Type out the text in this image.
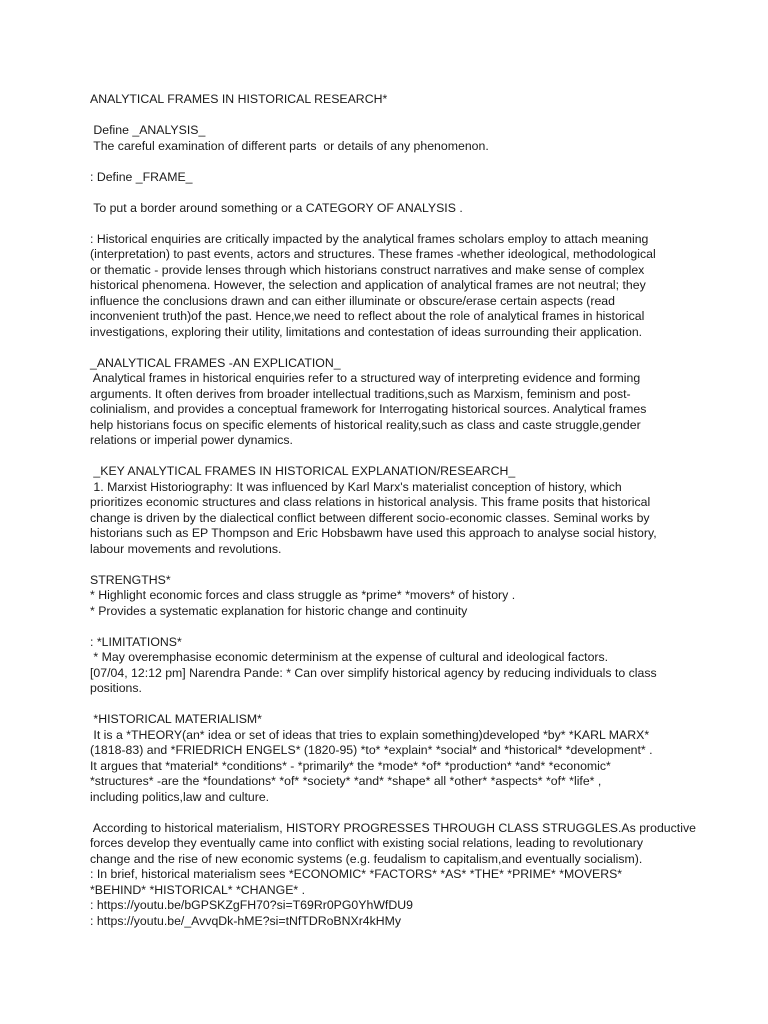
ANALYTICAL FRAMES IN HISTORICAL RESEARCH*
Define _ANALYSIS_
The careful examination of different parts  or details of any phenomenon.
: Define _FRAME_
To put a border around something or a CATEGORY OF ANALYSIS .
: Historical enquiries are critically impacted by the analytical frames scholars employ to attach meaning
(interpretation) to past events, actors and structures. These frames -whether ideological, methodological
or thematic - provide lenses through which historians construct narratives and make sense of complex
historical phenomena. However, the selection and application of analytical frames are not neutral; they
influence the conclusions drawn and can either illuminate or obscure/erase certain aspects (read
inconvenient truth)of the past. Hence,we need to reflect about the role of analytical frames in historical
investigations, exploring their utility, limitations and contestation of ideas surrounding their application.
_ANALYTICAL FRAMES -AN EXPLICATION_
Analytical frames in historical enquiries refer to a structured way of interpreting evidence and forming
arguments. It often derives from broader intellectual traditions,such as Marxism, feminism and post-
colinialism, and provides a conceptual framework for Interrogating historical sources. Analytical frames
help historians focus on specific elements of historical reality,such as class and caste struggle,gender
relations or imperial power dynamics.
_KEY ANALYTICAL FRAMES IN HISTORICAL EXPLANATION/RESEARCH_
1. Marxist Historiography: It was influenced by Karl Marx's materialist conception of history, which
prioritizes economic structures and class relations in historical analysis. This frame posits that historical
change is driven by the dialectical conflict between different socio-economic classes. Seminal works by
historians such as EP Thompson and Eric Hobsbawm have used this approach to analyse social history,
labour movements and revolutions.
STRENGTHS*
* Highlight economic forces and class struggle as *prime* *movers* of history .
* Provides a systematic explanation for historic change and continuity
: *LIMITATIONS*
* May overemphasise economic determinism at the expense of cultural and ideological factors.
[07/04, 12:12 pm] Narendra Pande: * Can over simplify historical agency by reducing individuals to class
positions.
*HISTORICAL MATERIALISM*
It is a *THEORY(an* idea or set of ideas that tries to explain something)developed *by* *KARL MARX*
(1818-83) and *FRIEDRICH ENGELS* (1820-95) *to* *explain* *social* and *historical* *development* .
It argues that *material* *conditions* - *primarily* the *mode* *of* *production* *and* *economic*
*structures* -are the *foundations* *of* *society* *and* *shape* all *other* *aspects* *of* *life* ,
including politics,law and culture.
According to historical materialism, HISTORY PROGRESSES THROUGH CLASS STRUGGLES.As productive
forces develop they eventually came into conflict with existing social relations, leading to revolutionary
change and the rise of new economic systems (e.g. feudalism to capitalism,and eventually socialism).
: In brief, historical materialism sees *ECONOMIC* *FACTORS* *AS* *THE* *PRIME* *MOVERS*
*BEHIND* *HISTORICAL* *CHANGE* .
: https://youtu.be/bGPSKZgFH70?si=T69Rr0PG0YhWfDU9
: https://youtu.be/_AvvqDk-hME?si=tNfTDRoBNXr4kHMy
